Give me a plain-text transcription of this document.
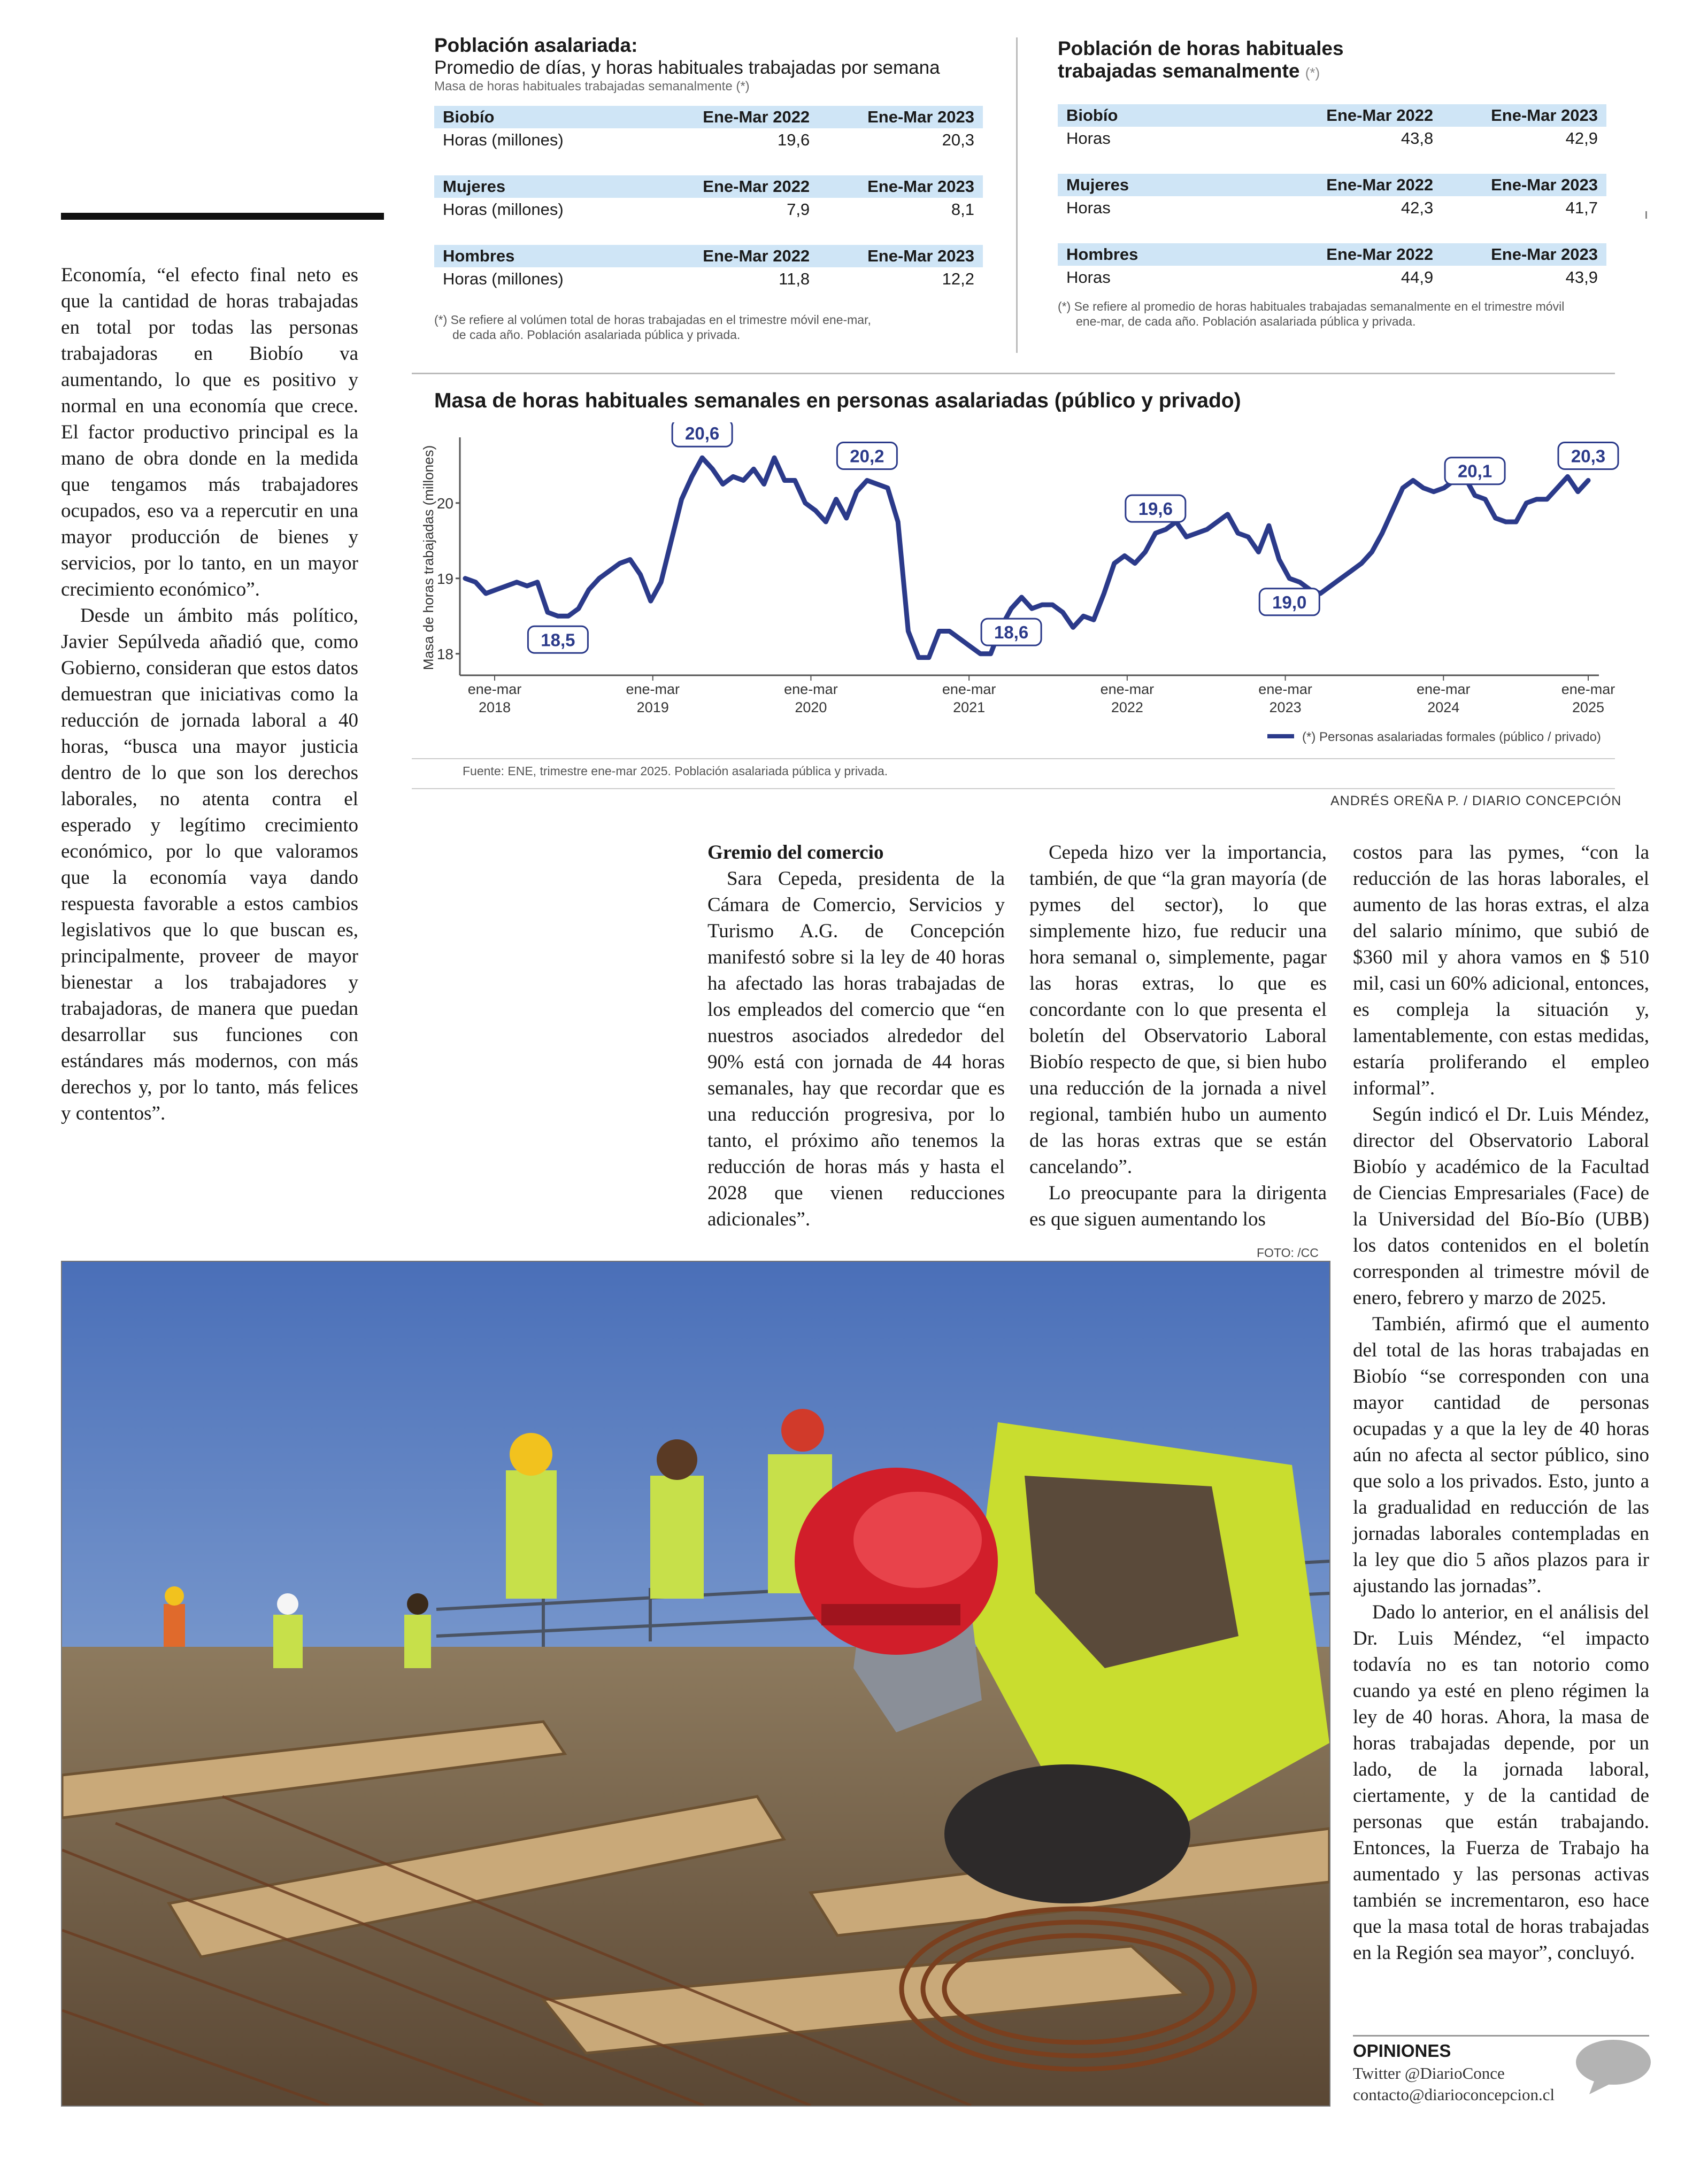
Economía, “el efecto final neto es que la cantidad de horas trabajadas en total por todas las personas trabajadoras en Biobío va aumentando, lo que es positivo y normal en una economía que crece. El factor productivo principal es la mano de obra donde en la medida que tengamos más trabajadores ocupados, eso va a repercutir en una mayor producción de bienes y servicios, por lo tanto, en un mayor crecimiento económico”.

Desde un ámbito más político, Javier Sepúlveda añadió que, como Gobierno, consideran que estos datos demuestran que iniciativas como la reducción de jornada laboral a 40 horas, “busca una mayor justicia dentro de lo que son los derechos laborales, no atenta contra el esperado y legítimo crecimiento económico, por lo que valoramos que la economía vaya dando respuesta favorable a estos cambios legislativos que lo que buscan es, principalmente, proveer de mayor bienestar a los trabajadores y trabajadoras, de manera que puedan desarrollar sus funciones con estándares más modernos, con más derechos y, por lo tanto, más felices y contentos”.

Población asalariada:
Promedio de días, y horas habituales trabajadas por semana
Masa de horas habituales trabajadas semanalmente (*)
Biobío	Ene-Mar 2022	Ene-Mar 2023
Horas (millones)	19,6	20,3

Mujeres	Ene-Mar 2022	Ene-Mar 2023
Horas (millones)	7,9	8,1

Hombres	Ene-Mar 2022	Ene-Mar 2023
Horas (millones)	11,8	12,2
(*) Se refiere al volúmen total de horas trabajadas en el trimestre móvil ene-mar,
de cada año. Población asalariada pública y privada.
Población de horas habituales
trabajadas semanalmente (*)
Biobío	Ene-Mar 2022	Ene-Mar 2023
Horas	43,8	42,9

Mujeres	Ene-Mar 2022	Ene-Mar 2023
Horas	42,3	41,7

Hombres	Ene-Mar 2022	Ene-Mar 2023
Horas	44,9	43,9
(*) Se refiere al promedio de horas habituales trabajadas semanalmente en el trimestre móvil
ene-mar, de cada año. Población asalariada pública y privada.
Masa de horas habituales semanales en personas asalariadas (público y privado)
18
19
20
Masa de horas trabajadas (millones)
ene-mar
2018
ene-mar
2019
ene-mar
2020
ene-mar
2021
ene-mar
2022
ene-mar
2023
ene-mar
2024
ene-mar
2025
18,5
20,6
20,2
18,6
19,6
19,0
20,1
20,3
(*) Personas asalariadas formales (público / privado)
Fuente: ENE, trimestre ene-mar 2025. Población asalariada pública y privada.
ANDRÉS OREÑA P. / DIARIO CONCEPCIÓN
Gremio del comercio

Sara Cepeda, presidenta de la Cámara de Comercio, Servicios y Turismo A.G. de Concepción manifestó sobre si la ley de 40 horas ha afectado las horas trabajadas de los empleados del comercio que “en nuestros asociados alrededor del 90% está con jornada de 44 horas semanales, hay que recordar que es una reducción progresiva, por lo tanto, el próximo año tenemos la reducción de horas más y hasta el 2028 que vienen reducciones adicionales”.

Cepeda hizo ver la importancia, también, de que “la gran mayoría (de pymes del sector), lo que simplemente hizo, fue reducir una hora semanal o, simplemente, pagar las horas extras, lo que es concordante con lo que presenta el boletín del Observatorio Laboral Biobío respecto de que, si bien hubo una reducción de la jornada a nivel regional, también hubo un aumento de las horas extras que se están cancelando”.

Lo preocupante para la dirigenta es que siguen aumentando los

costos para las pymes, “con la reducción de las horas laborales, el aumento de las horas extras, el alza del salario mínimo, que subió de $360 mil y ahora vamos en $ 510 mil, casi un 60% adicional, entonces, es compleja la situación y, lamentablemente, con estas medidas, estaría proliferando el empleo informal”.

Según indicó el Dr. Luis Méndez, director del Observatorio Laboral Biobío y académico de la Facultad de Ciencias Empresariales (Face) de la Universidad del Bío-Bío (UBB) los datos contenidos en el boletín corresponden al trimestre móvil de enero, febrero y marzo de 2025.

También, afirmó que el aumento del total de las horas trabajadas en Biobío “se corresponden con una mayor cantidad de personas ocupadas y a que la ley de 40 horas aún no afecta al sector público, sino que solo a los privados. Esto, junto a la gradualidad en reducción de las jornadas laborales contempladas en la ley que dio 5 años plazos para ir ajustando las jornadas”.

Dado lo anterior, en el análisis del Dr. Luis Méndez, “el impacto todavía no es tan notorio como cuando ya esté en pleno régimen la ley de 40 horas. Ahora, la masa de horas trabajadas depende, por un lado, de la jornada laboral, ciertamente, y de la cantidad de personas que están trabajando. Entonces, la Fuerza de Trabajo ha aumentado y las personas activas también se incrementaron, eso hace que la masa total de horas trabajadas en la Región sea mayor”, concluyó.

FOTO: /CC
OPINIONES
Twitter @DiarioConce
contacto@diarioconcepcion.cl
